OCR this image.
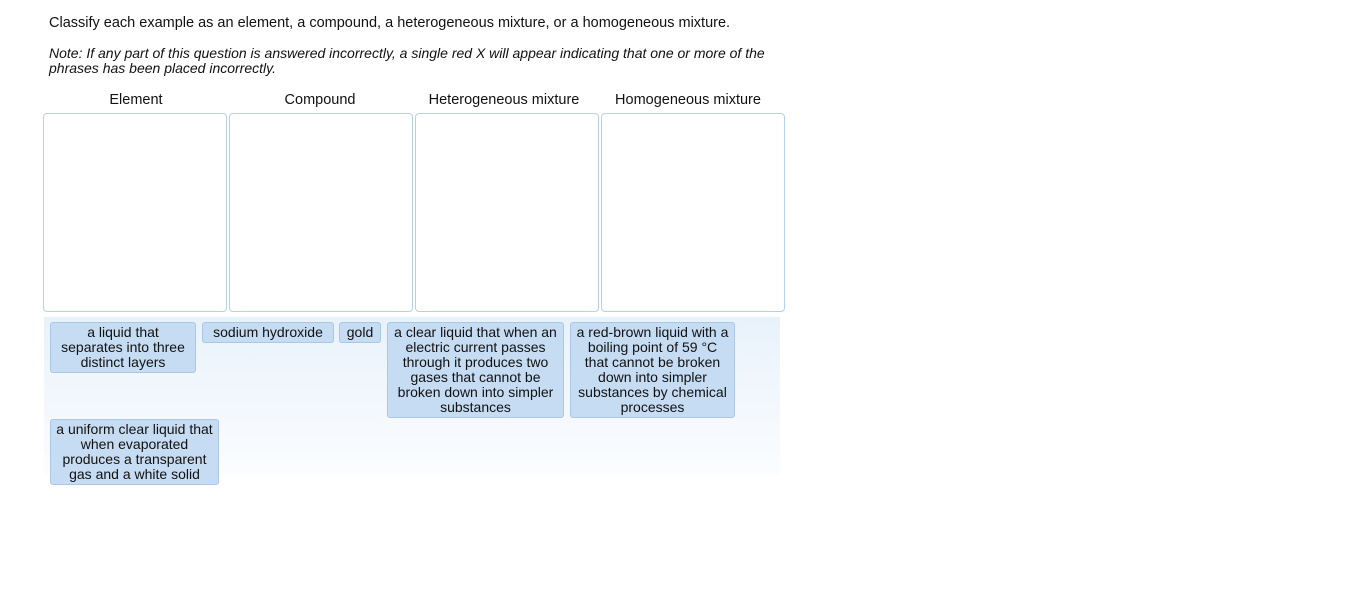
Classify each example as an element, a compound, a heterogeneous mixture, or a homogeneous mixture.
Note: If any part of this question is answered incorrectly, a single red X will appear indicating that one or more of the phrases has been placed incorrectly.
Element	Compound	Heterogeneous mixture	Homogeneous mixture
a liquid that separates into three distinct layers
sodium hydroxide	gold	a clear liquid that when an electric current passes through it produces two gases that cannot be broken down into simpler substances
a red-brown liquid with a boiling point of 59 °C that cannot be broken down into simpler substances by chemical processes
a uniform clear liquid that when evaporated produces a transparent gas and a white solid
